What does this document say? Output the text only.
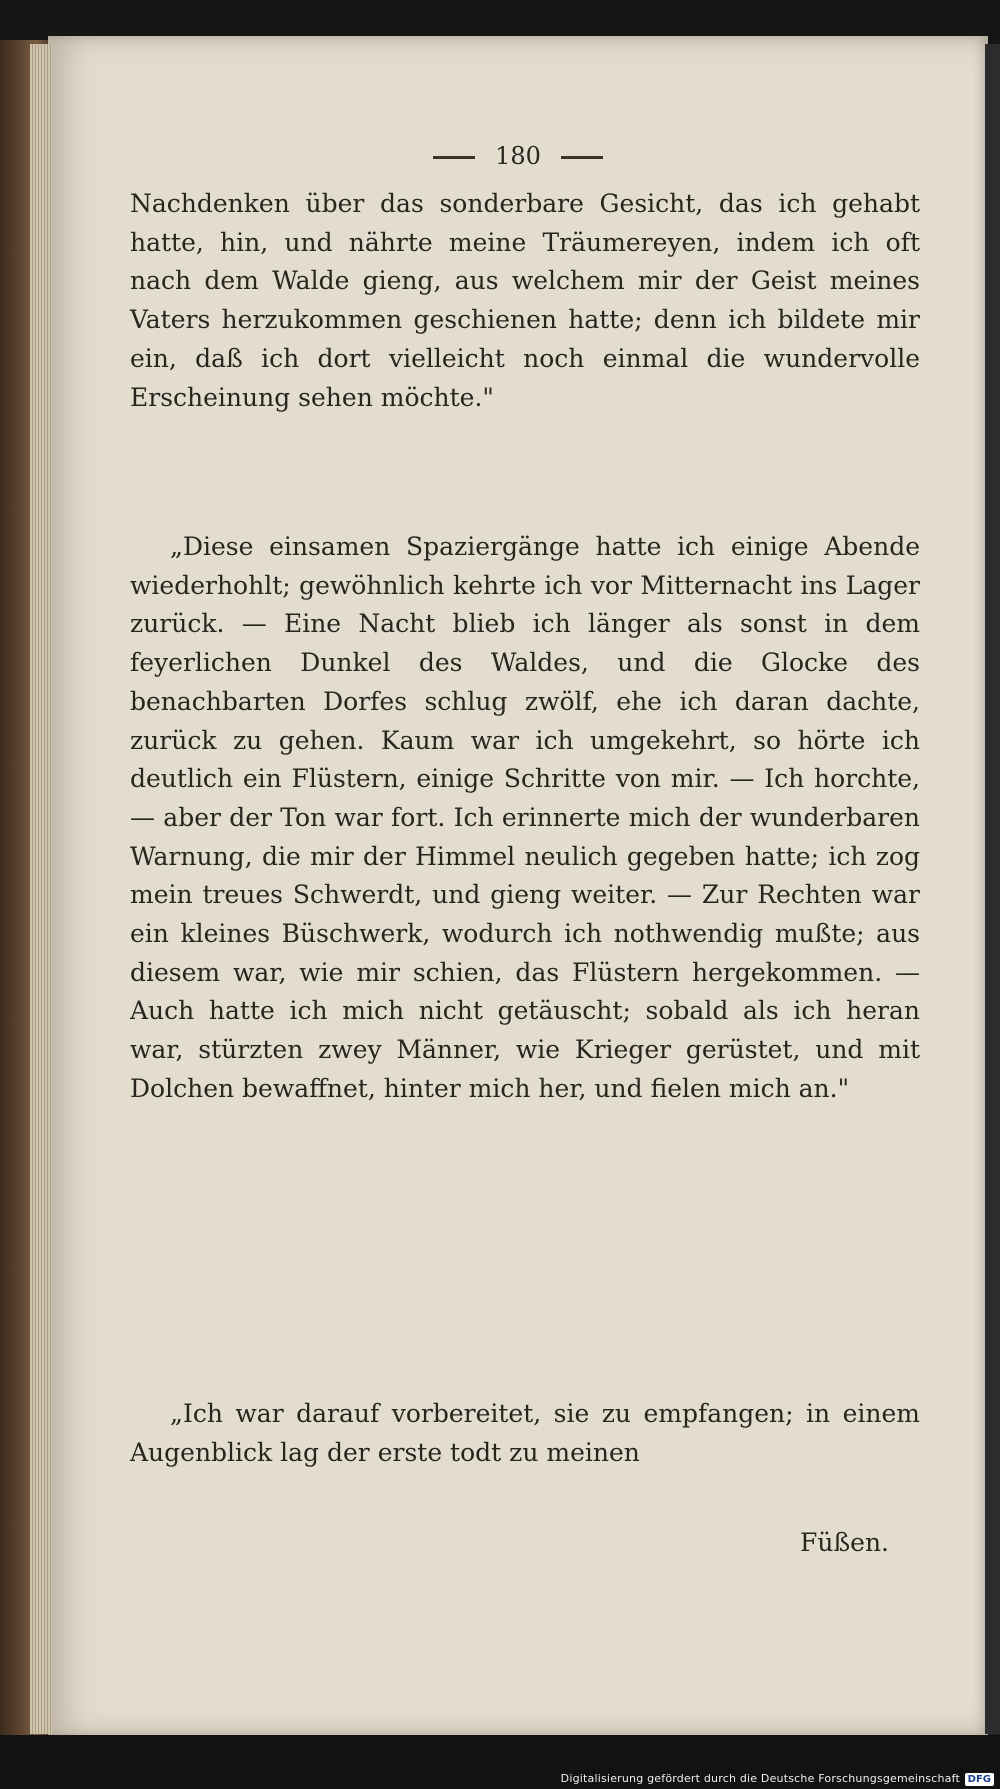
180
Nachdenken über das sonderbare Gesicht, das ich gehabt hatte, hin, und nährte meine Träumereyen, indem ich oft nach dem Walde gieng, aus welchem mir der Geist meines Vaters herzukommen geschienen hatte; denn ich bildete mir ein, daß ich dort vielleicht noch einmal die wundervolle Erscheinung sehen möchte."
„Diese einsamen Spaziergänge hatte ich einige Abende wiederhohlt; gewöhnlich kehrte ich vor Mitternacht ins Lager zurück. — Eine Nacht blieb ich länger als sonst in dem feyerlichen Dunkel des Waldes, und die Glocke des benachbarten Dorfes schlug zwölf, ehe ich daran dachte, zurück zu gehen. Kaum war ich umgekehrt, so hörte ich deutlich ein Flüstern, einige Schritte von mir. — Ich horchte, — aber der Ton war fort. Ich erinnerte mich der wunderbaren Warnung, die mir der Himmel neulich gegeben hatte; ich zog mein treues Schwerdt, und gieng weiter. — Zur Rechten war ein kleines Büschwerk, wodurch ich nothwendig mußte; aus diesem war, wie mir schien, das Flüstern hergekommen. — Auch hatte ich mich nicht getäuscht; sobald als ich heran war, stürzten zwey Männer, wie Krieger gerüstet, und mit Dolchen bewaffnet, hinter mich her, und fielen mich an."
„Ich war darauf vorbereitet, sie zu empfangen; in einem Augenblick lag der erste todt zu meinen
Füßen.
Digitalisierung gefördert durch die Deutsche Forschungsgemeinschaft DFG
